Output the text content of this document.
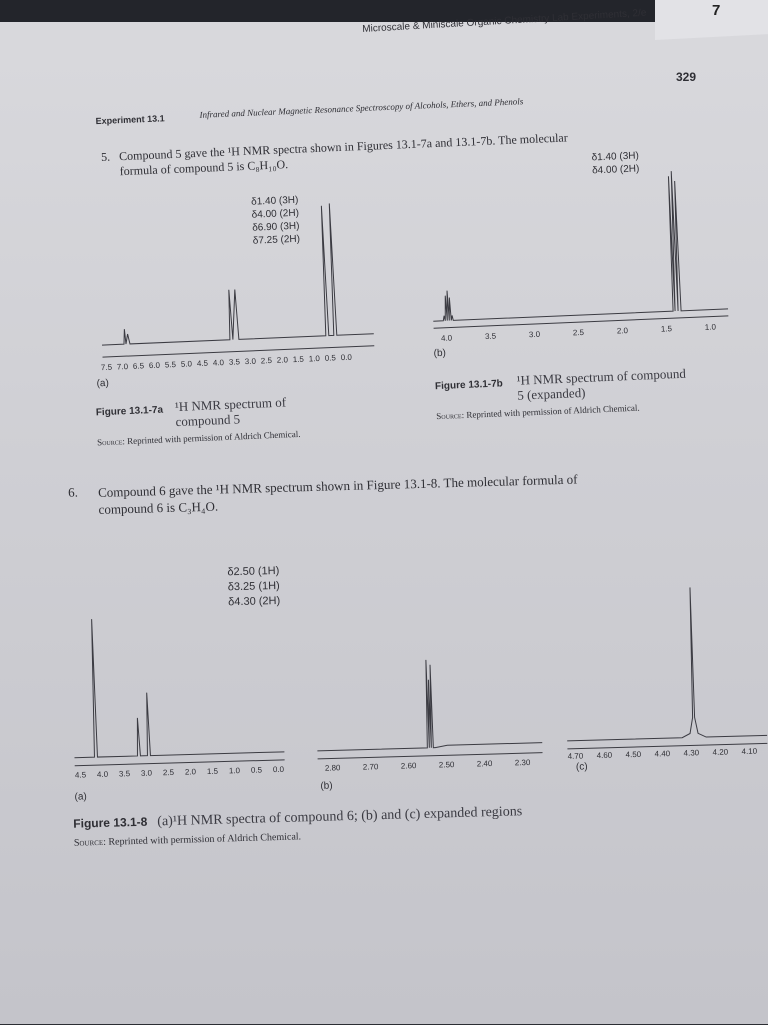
7
Microscale & Miniscale Organic Chemistry Lab Experiments, 2/e
329
Experiment 13.1	Infrared and Nuclear Magnetic Resonance Spectroscopy of Alcohols, Ethers, and Phenols
5. Compound 5 gave the ¹H NMR spectra shown in Figures 13.1-7a and 13.1-7b. The molecular formula of compound 5 is C₈H₁₀O.
7.5 7.0 6.5 6.0 5.5 5.0 4.5 4.0 3.5 3.0 2.5 2.0 1.5 1.0 0.5 0.0
δ1.40 (3H)
δ4.00 (2H)
δ6.90 (3H)
δ7.25 (2H)
(a)
Figure 13.1-7a ¹H NMR spectrum of compound 5
Source: Reprinted with permission of Aldrich Chemical.
4.0	3.5	3.0	2.5	2.0	1.5	1.0
δ1.40 (3H)
δ4.00 (2H)
(b)
Figure 13.1-7b ¹H NMR spectrum of compound 5 (expanded)
Source: Reprinted with permission of Aldrich Chemical.
6. Compound 6 gave the ¹H NMR spectrum shown in Figure 13.1-8. The molecular formula of compound 6 is C₃H₄O.
4.5 4.0 3.5 3.0 2.5 2.0 1.5 1.0 0.5 0.0
δ2.50 (1H)
δ3.25 (1H)
δ4.30 (2H)
(a)
2.80	2.70	2.60	2.50	2.40	2.30
(b)
4.70 4.60 4.50 4.40 4.30 4.20 4.10
(c)
Figure 13.1-8 (a)¹H NMR spectra of compound 6; (b) and (c) expanded regions
Source: Reprinted with permission of Aldrich Chemical.
